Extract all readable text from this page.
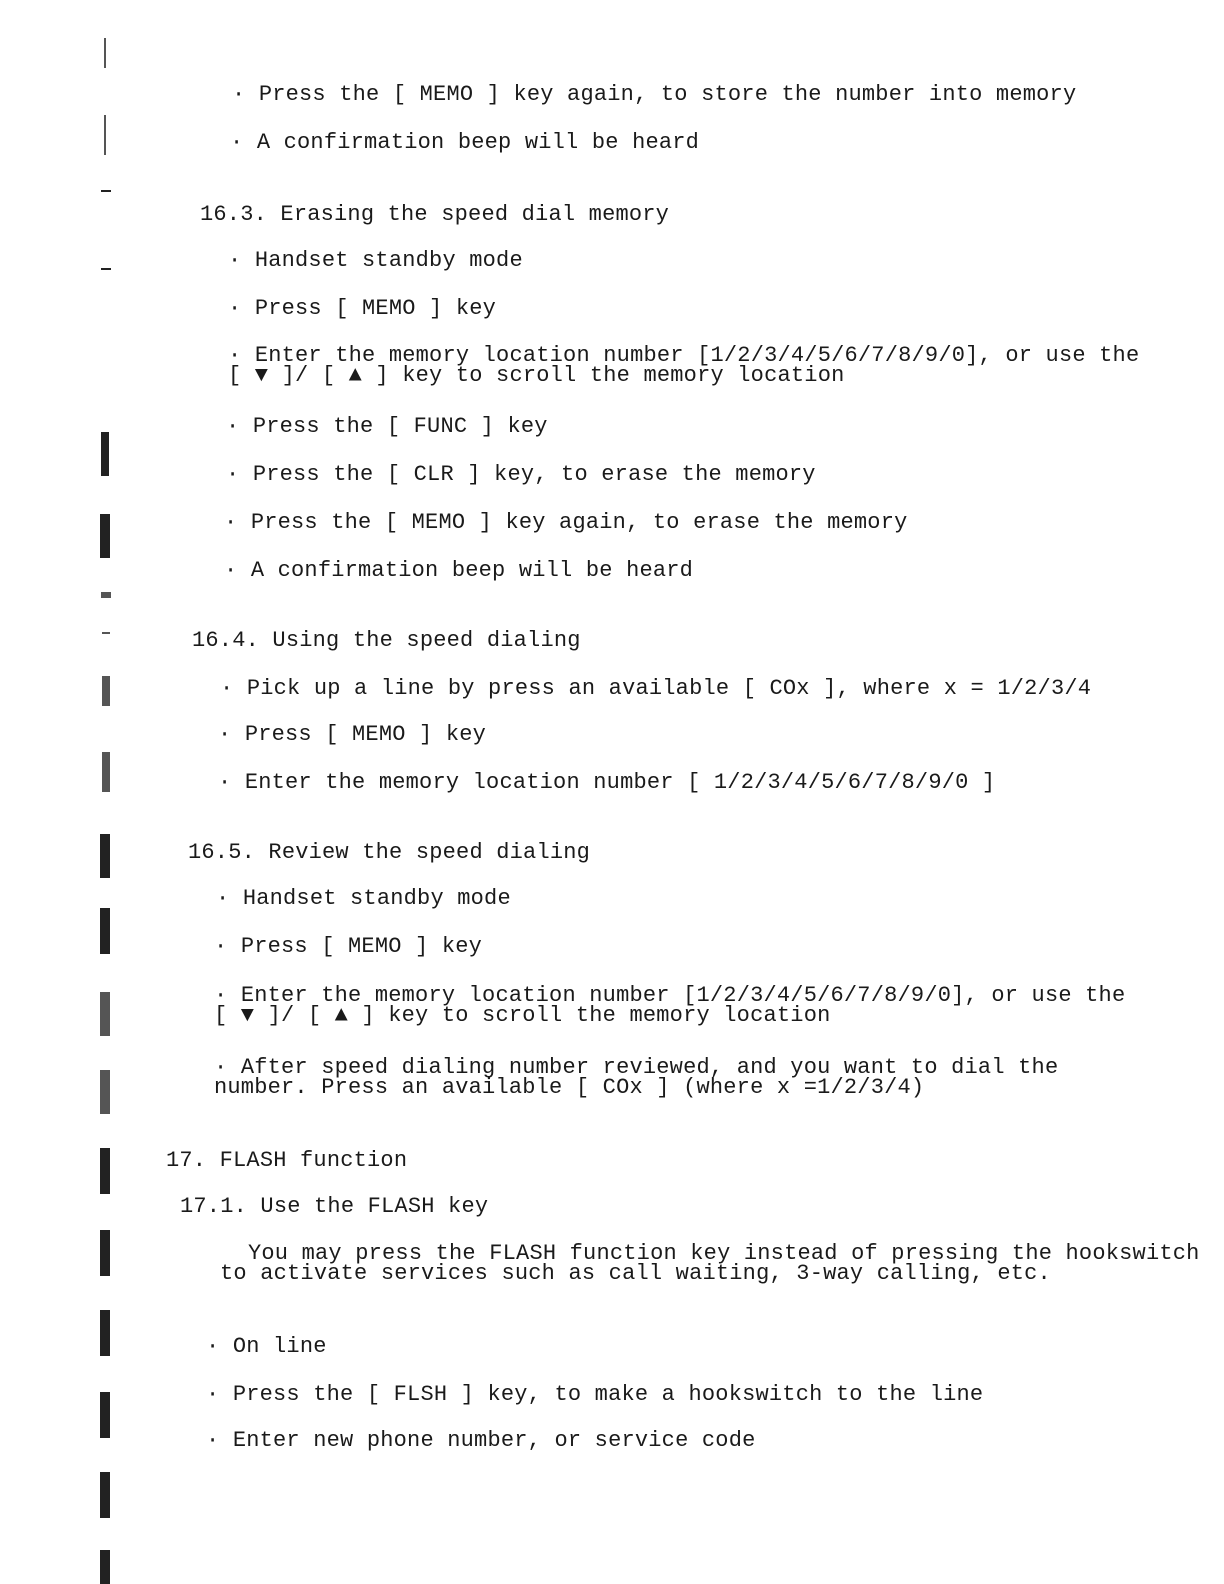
· Press the [ MEMO ] key again, to store the number into memory
· A confirmation beep will be heard
16.3. Erasing the speed dial memory
· Handset standby mode
· Press [ MEMO ] key
· Enter the memory location number [1/2/3/4/5/6/7/8/9/0], or use the [ ▼ ]/ [ ▲ ] key to scroll the memory location
· Press the [ FUNC ] key
· Press the [ CLR ] key, to erase the memory
· Press the [ MEMO ] key again, to erase the memory
· A confirmation beep will be heard
16.4. Using the speed dialing
· Pick up a line by press an available [ COx ], where x = 1/2/3/4
· Press [ MEMO ] key
· Enter the memory location number [ 1/2/3/4/5/6/7/8/9/0 ]
16.5. Review the speed dialing
· Handset standby mode
· Press [ MEMO ] key
· Enter the memory location number [1/2/3/4/5/6/7/8/9/0], or use the [ ▼ ]/ [ ▲ ] key to scroll the memory location
· After speed dialing number reviewed, and you want to dial the number. Press an available [ COx ] (where x =1/2/3/4)
17. FLASH function
17.1. Use the FLASH key
You may press the FLASH function key instead of pressing the hookswitch to activate services such as call waiting, 3-way calling, etc.
· On line
· Press the [ FLSH ] key, to make a hookswitch to the line
· Enter new phone number, or service code
